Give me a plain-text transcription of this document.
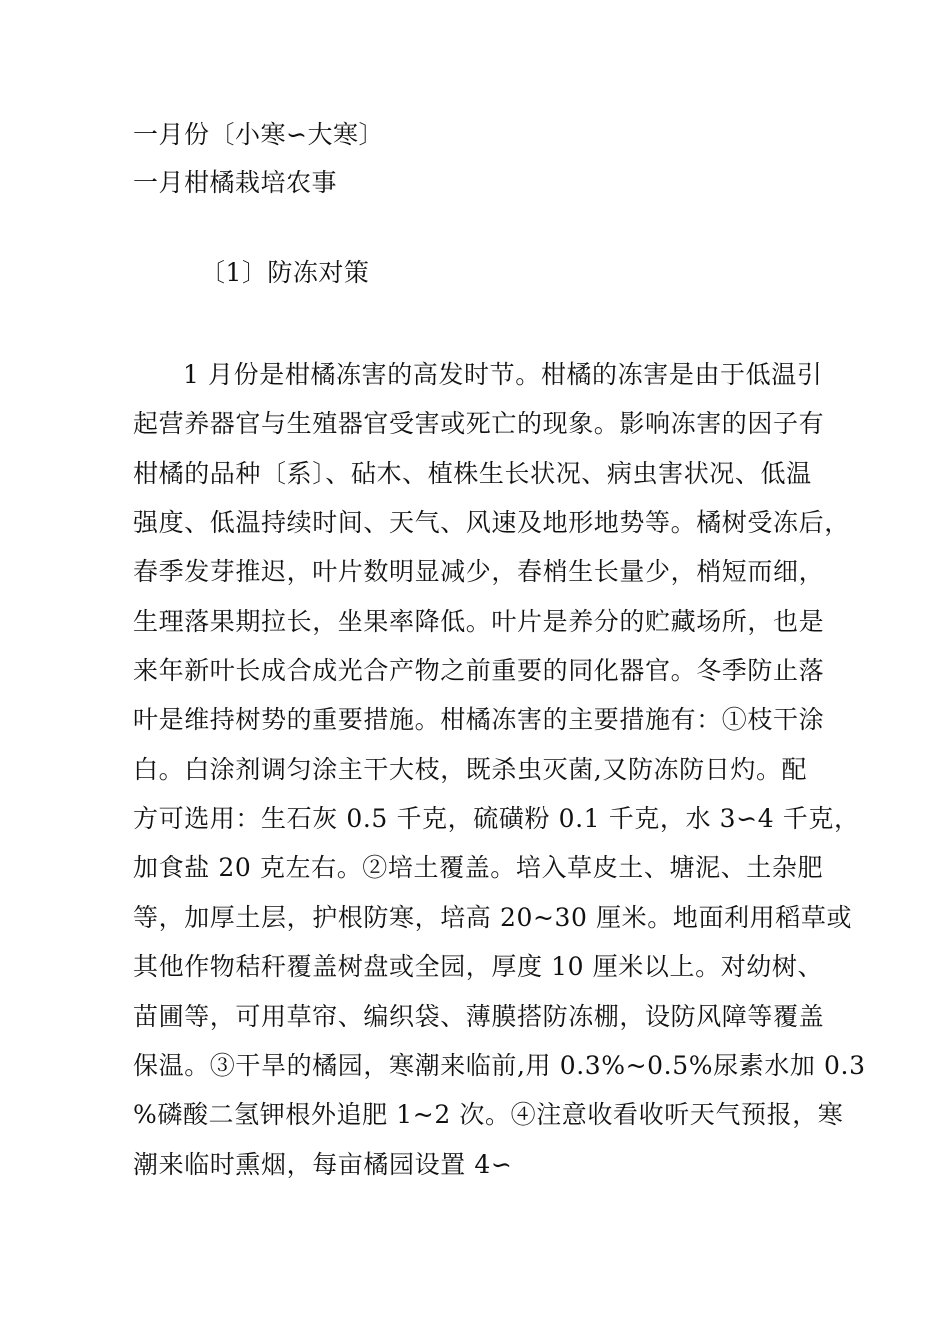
一月份〔小寒∽大寒〕
一月柑橘栽培农事
〔1〕防冻对策
1 月份是柑橘冻害的高发时节。柑橘的冻害是由于低温引
起营养器官与生殖器官受害或死亡的现象。影响冻害的因子有
柑橘的品种〔系〕、砧木、植株生长状况、病虫害状况、低温
强度、低温持续时间、天气、风速及地形地势等。橘树受冻后，
春季发芽推迟，叶片数明显减少，春梢生长量少，梢短而细，
生理落果期拉长，坐果率降低。叶片是养分的贮藏场所，也是
来年新叶长成合成光合产物之前重要的同化器官。冬季防止落
叶是维持树势的重要措施。柑橘冻害的主要措施有：①枝干涂
白。白涂剂调匀涂主干大枝，既杀虫灭菌,又防冻防日灼。配
方可选用：生石灰 0.5 千克，硫磺粉 0.1 千克，水 3∽4 千克，
加食盐 20 克左右。②培土覆盖。培入草皮土、塘泥、土杂肥
等，加厚土层，护根防寒，培高 20~30 厘米。地面利用稻草或
其他作物秸秆覆盖树盘或全园，厚度 10 厘米以上。对幼树、
苗圃等，可用草帘、编织袋、薄膜搭防冻棚，设防风障等覆盖
保温。③干旱的橘园，寒潮来临前,用 0.3%~0.5%尿素水加 0.3
%磷酸二氢钾根外追肥 1~2 次。④注意收看收听天气预报，寒
潮来临时熏烟，每亩橘园设置 4∽
